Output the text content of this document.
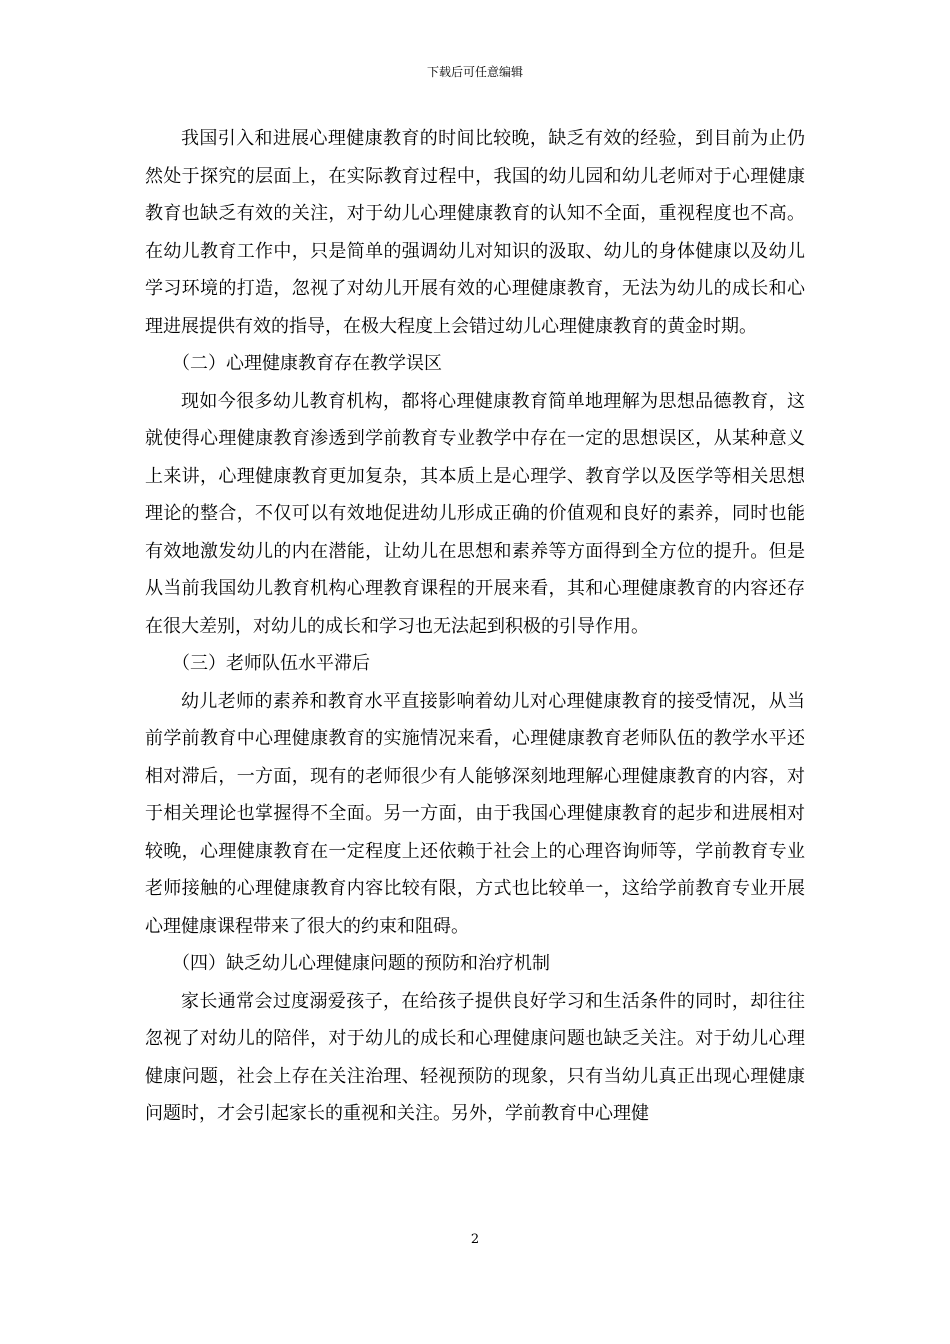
下载后可任意编辑

我国引入和进展心理健康教育的时间比较晚，缺乏有效的经验，到目前为止仍然处于探究的层面上，在实际教育过程中，我国的幼儿园和幼儿老师对于心理健康教育也缺乏有效的关注，对于幼儿心理健康教育的认知不全面，重视程度也不高。在幼儿教育工作中，只是简单的强调幼儿对知识的汲取、幼儿的身体健康以及幼儿学习环境的打造，忽视了对幼儿开展有效的心理健康教育，无法为幼儿的成长和心理进展提供有效的指导，在极大程度上会错过幼儿心理健康教育的黄金时期。

（二）心理健康教育存在教学误区

现如今很多幼儿教育机构，都将心理健康教育简单地理解为思想品德教育，这就使得心理健康教育渗透到学前教育专业教学中存在一定的思想误区，从某种意义上来讲，心理健康教育更加复杂，其本质上是心理学、教育学以及医学等相关思想理论的整合，不仅可以有效地促进幼儿形成正确的价值观和良好的素养，同时也能有效地激发幼儿的内在潜能，让幼儿在思想和素养等方面得到全方位的提升。但是从当前我国幼儿教育机构心理教育课程的开展来看，其和心理健康教育的内容还存在很大差别，对幼儿的成长和学习也无法起到积极的引导作用。

（三）老师队伍水平滞后

幼儿老师的素养和教育水平直接影响着幼儿对心理健康教育的接受情况，从当前学前教育中心理健康教育的实施情况来看，心理健康教育老师队伍的教学水平还相对滞后，一方面，现有的老师很少有人能够深刻地理解心理健康教育的内容，对于相关理论也掌握得不全面。另一方面，由于我国心理健康教育的起步和进展相对较晚，心理健康教育在一定程度上还依赖于社会上的心理咨询师等，学前教育专业老师接触的心理健康教育内容比较有限，方式也比较单一，这给学前教育专业开展心理健康课程带来了很大的约束和阻碍。

（四）缺乏幼儿心理健康问题的预防和治疗机制

家长通常会过度溺爱孩子，在给孩子提供良好学习和生活条件的同时，却往往忽视了对幼儿的陪伴，对于幼儿的成长和心理健康问题也缺乏关注。对于幼儿心理健康问题，社会上存在关注治理、轻视预防的现象，只有当幼儿真正出现心理健康问题时，才会引起家长的重视和关注。另外，学前教育中心理健

2
